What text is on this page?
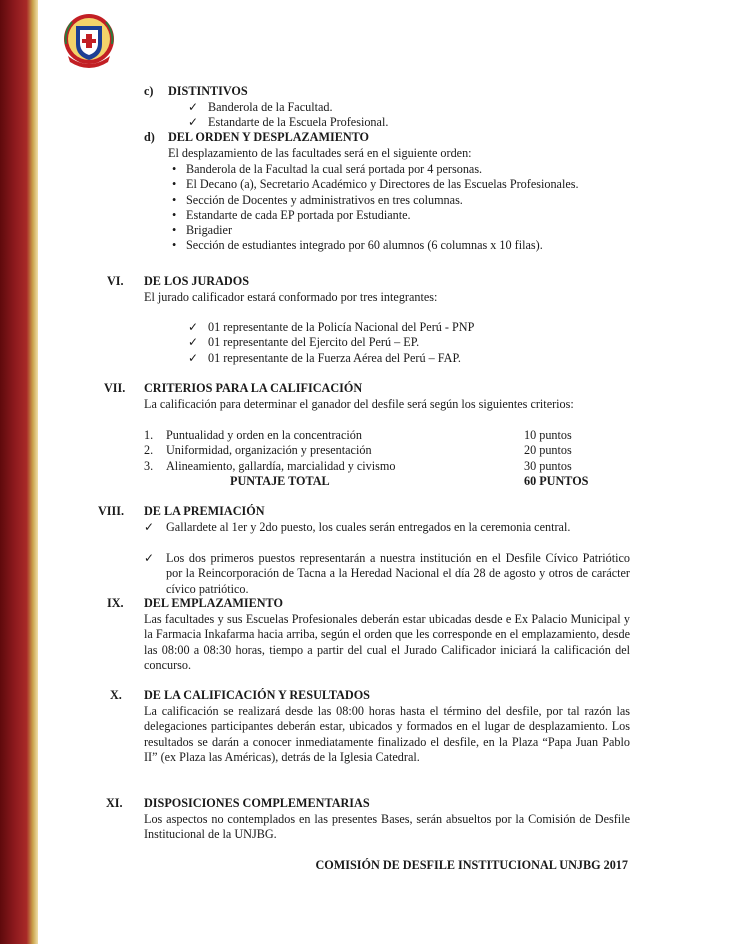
c) DISTINTIVOS
✓ Banderola de la Facultad.
✓ Estandarte de la Escuela Profesional.
d) DEL ORDEN Y DESPLAZAMIENTO
El desplazamiento de las facultades será en el siguiente orden:
• Banderola de la Facultad la cual será portada por 4 personas.
• El Decano (a), Secretario Académico y Directores de las Escuelas Profesionales.
• Sección de Docentes y administrativos en tres columnas.
• Estandarte de cada EP portada por Estudiante.
• Brigadier
• Sección de estudiantes integrado por 60 alumnos (6 columnas x 10 filas).
VI. DE LOS JURADOS
El jurado calificador estará conformado por tres integrantes:
✓ 01 representante de la Policía Nacional del Perú - PNP
✓ 01 representante del Ejercito del Perú – EP.
✓ 01 representante de la Fuerza Aérea del Perú – FAP.
VII. CRITERIOS PARA LA CALIFICACIÓN
La calificación para determinar el ganador del desfile será según los siguientes criterios:
1. Puntualidad y orden en la concentración	10 puntos
2. Uniformidad, organización y presentación	20 puntos
3. Alineamiento, gallardía, marcialidad y civismo	30 puntos
PUNTAJE TOTAL	60 PUNTOS
VIII. DE LA PREMIACIÓN
✓ Gallardete al 1er y 2do puesto, los cuales serán entregados en la ceremonia central.
✓ Los dos primeros puestos representarán a nuestra institución en el Desfile Cívico Patriótico por la Reincorporación de Tacna a la Heredad Nacional el día 28 de agosto y otros de carácter cívico patriótico.
IX. DEL EMPLAZAMIENTO
Las facultades y sus Escuelas Profesionales deberán estar ubicadas desde e Ex Palacio Municipal y la Farmacia Inkafarma hacia arriba, según el orden que les corresponde en el emplazamiento, desde las 08:00 a 08:30 horas, tiempo a partir del cual el Jurado Calificador iniciará la calificación del concurso.
X. DE LA CALIFICACIÓN Y RESULTADOS
La calificación se realizará desde las 08:00 horas hasta el término del desfile, por tal razón las delegaciones participantes deberán estar, ubicados y formados en el lugar de desplazamiento. Los resultados se darán a conocer inmediatamente finalizado el desfile, en la Plaza “Papa Juan Pablo II” (ex Plaza las Américas), detrás de la Iglesia Catedral.
XI. DISPOSICIONES COMPLEMENTARIAS
Los aspectos no contemplados en las presentes Bases, serán absueltos por la Comisión de Desfile Institucional de la UNJBG.
COMISIÓN DE DESFILE INSTITUCIONAL UNJBG 2017
